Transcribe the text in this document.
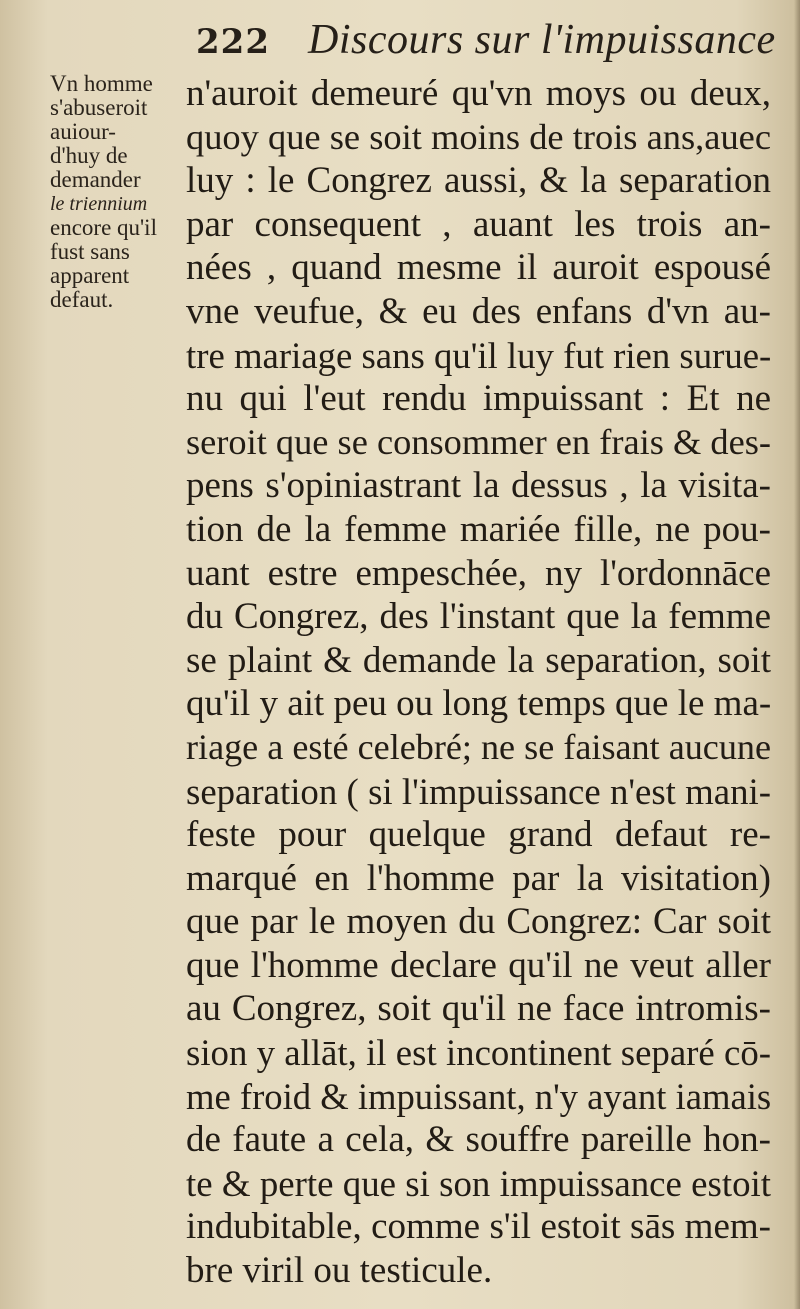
222 Discours sur l'impuissance
Vn homme
s'abuseroit
auiour-
d'huy de
demander
le triennium
encore qu'il
fust sans
apparent
defaut.
n'auroit demeuré qu'vn moys ou deux,
quoy que se soit moins de trois ans,auec
luy : le Congrez aussi, & la separation
par consequent , auant les trois an-
nées , quand mesme il auroit espousé
vne veufue, & eu des enfans d'vn au-
tre mariage sans qu'il luy fut rien surue-
nu qui l'eut rendu impuissant : Et ne
seroit que se consommer en frais & des-
pens s'opiniastrant la dessus , la visita-
tion de la femme mariée fille, ne pou-
uant estre empeschée, ny l'ordonnāce
du Congrez, des l'instant que la femme
se plaint & demande la separation, soit
qu'il y ait peu ou long temps que le ma-
riage a esté celebré; ne se faisant aucune
separation ( si l'impuissance n'est mani-
feste pour quelque grand defaut re-
marqué en l'homme par la visitation)
que par le moyen du Congrez: Car soit
que l'homme declare qu'il ne veut aller
au Congrez, soit qu'il ne face intromis-
sion y allāt, il est incontinent separé cō-
me froid & impuissant, n'y ayant iamais
de faute a cela, & souffre pareille hon-
te & perte que si son impuissance estoit
indubitable, comme s'il estoit sās mem-
bre viril ou testicule.
